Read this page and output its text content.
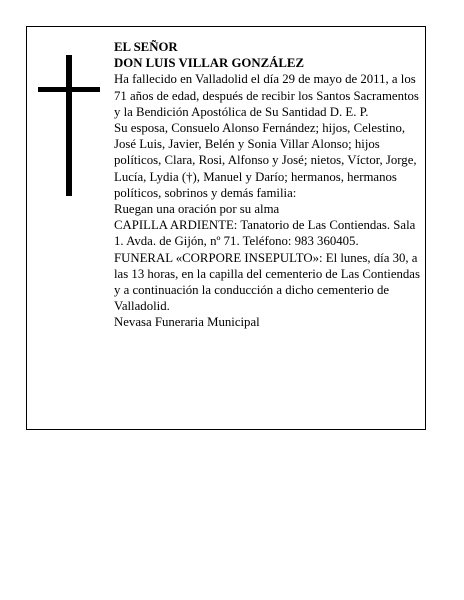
EL SEÑOR

DON LUIS VILLAR GONZÁLEZ

Ha fallecido en Valladolid el día 29 de mayo de 2011, a los 71 años de edad, después de recibir los Santos Sacramentos y la Bendición Apostólica de Su Santidad D. E. P.

Su esposa, Consuelo Alonso Fernández; hijos, Celestino, José Luis, Javier, Belén y Sonia Villar Alonso; hijos políticos, Clara, Rosi, Alfonso y José; nietos, Víctor, Jorge, Lucía, Lydia (†), Manuel y Darío; hermanos, hermanos políticos, sobrinos y demás familia:

Ruegan una oración por su alma

CAPILLA ARDIENTE: Tanatorio de Las Contiendas. Sala 1. Avda. de Gijón, nº 71. Teléfono: 983 360405.

FUNERAL «CORPORE INSEPULTO»: El lunes, día 30, a las 13 horas, en la capilla del cementerio de Las Contiendas y a continuación la conducción a dicho cementerio de Valladolid.

Nevasa Funeraria Municipal
